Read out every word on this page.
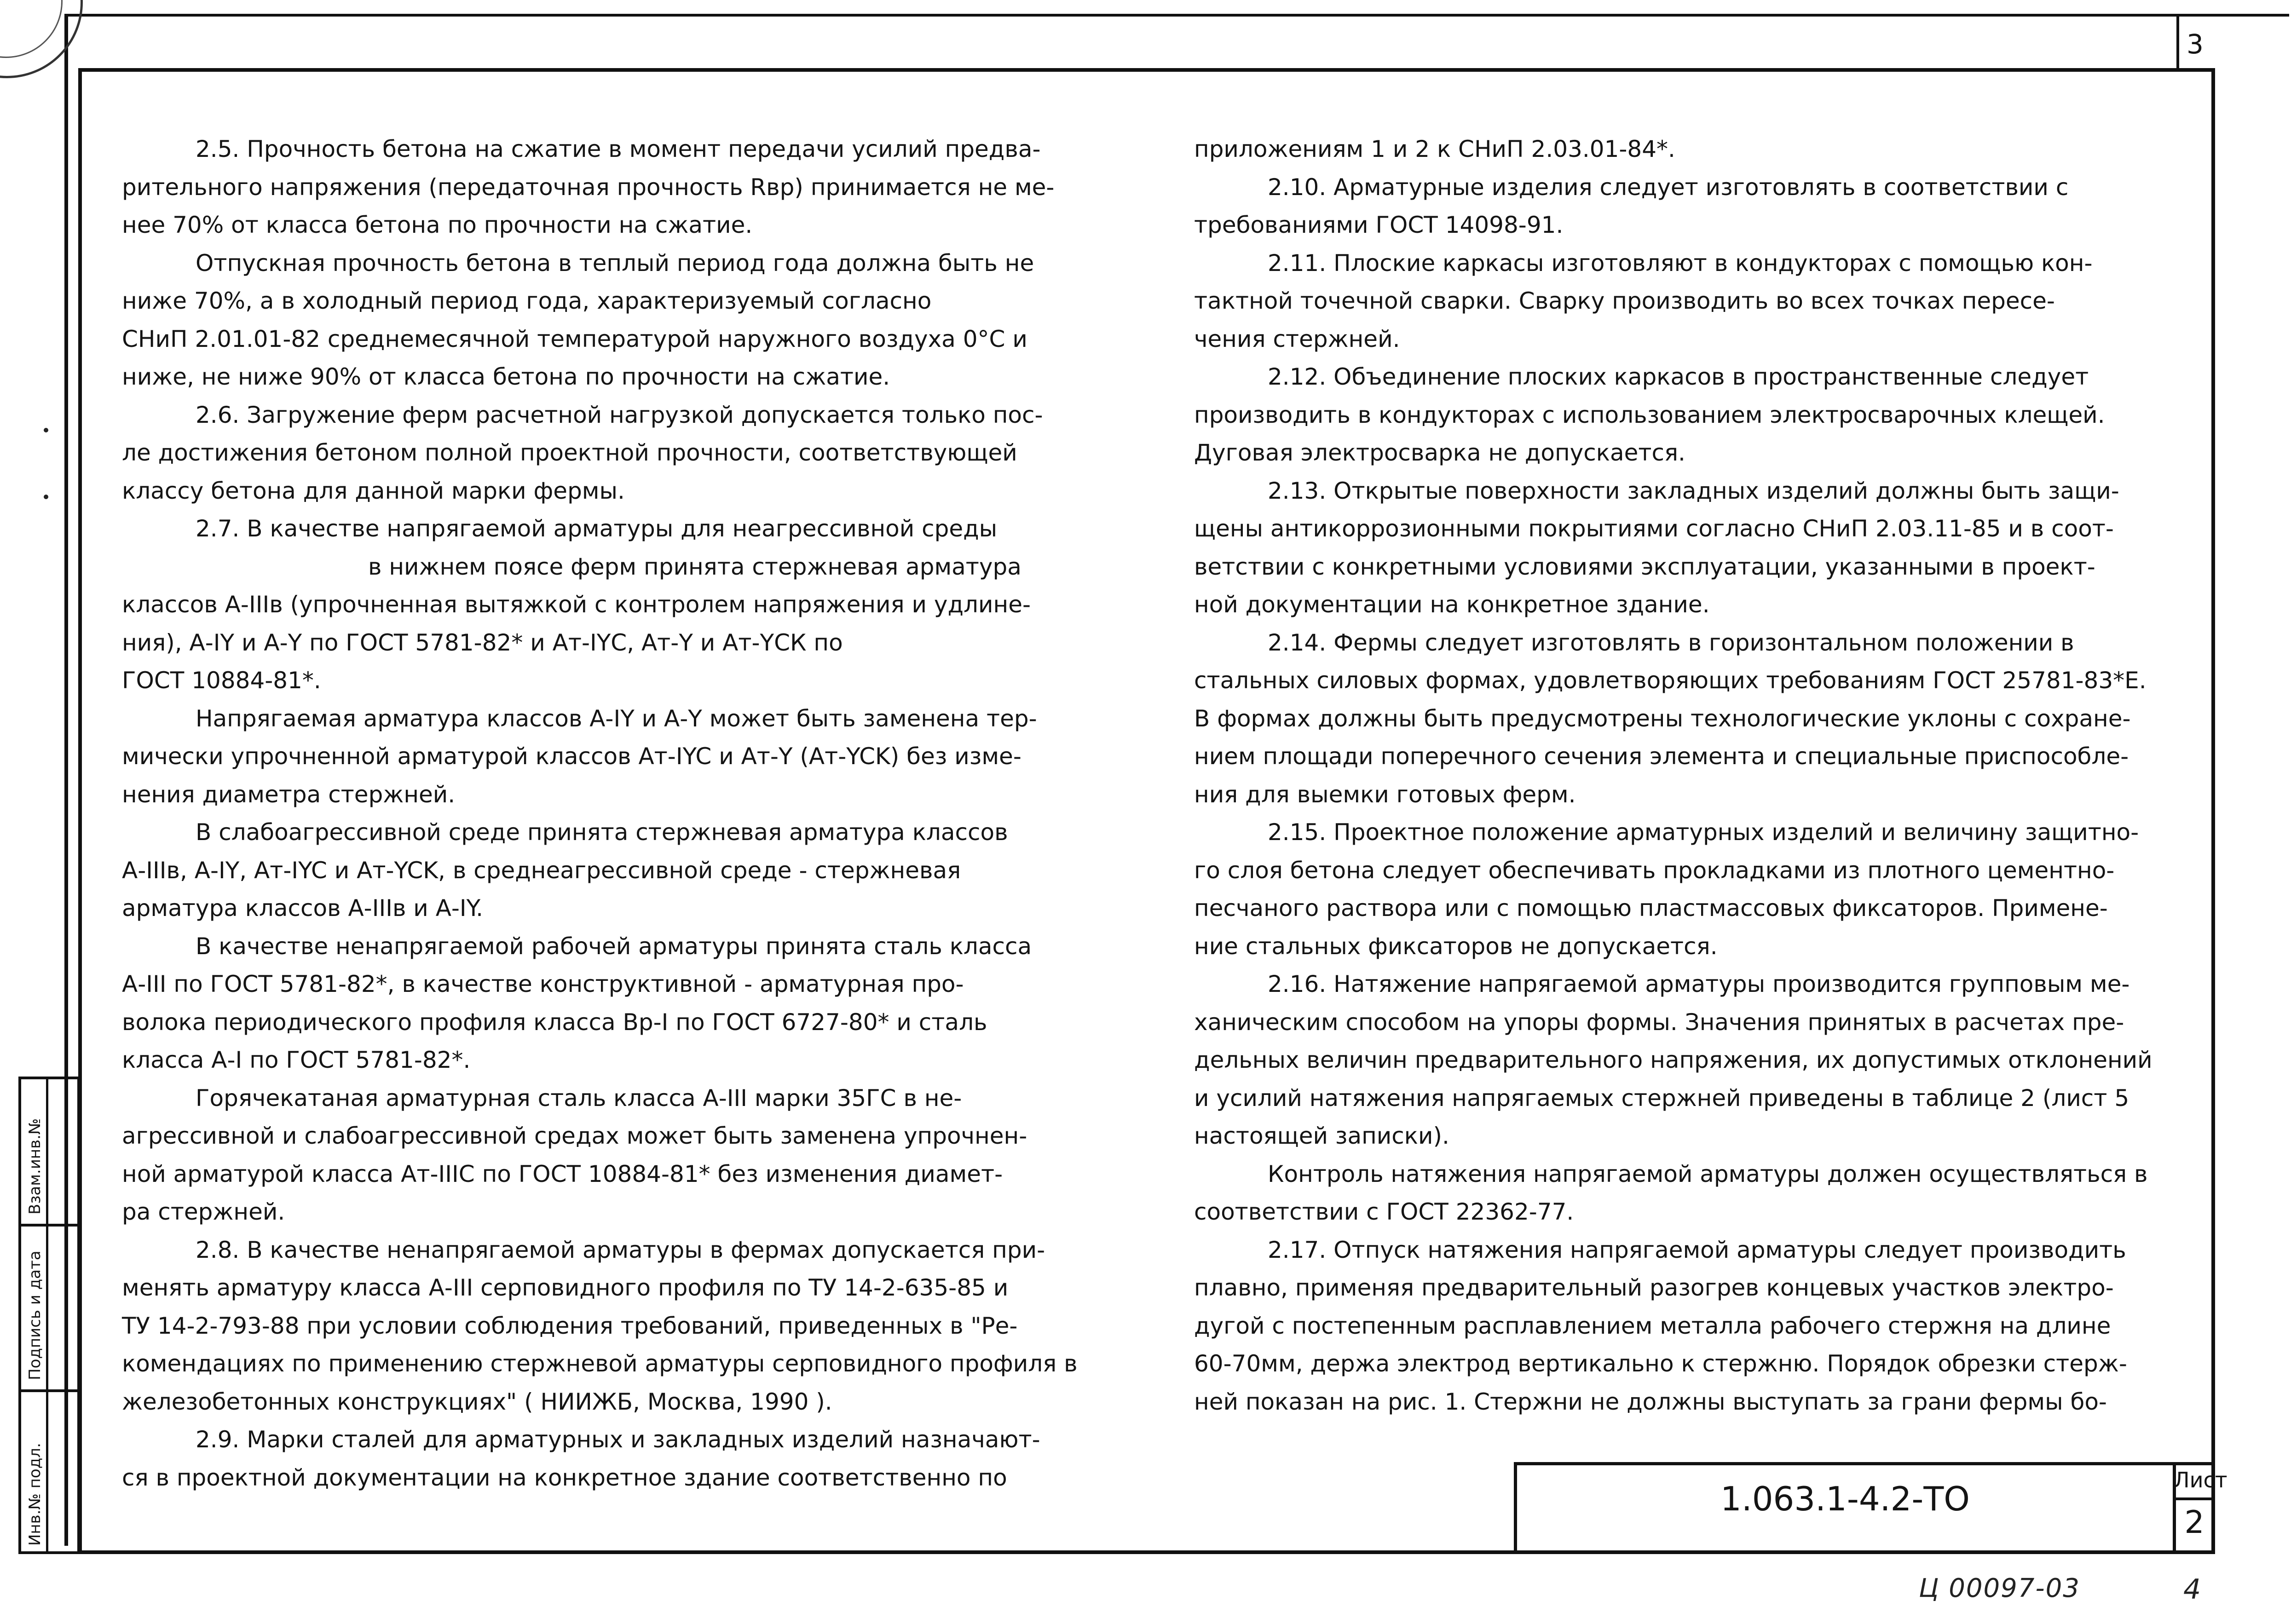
3
Взам.инв.№
Подпись и дата
Инв.№ подл.
2.5. Прочность бетона на сжатие в момент передачи усилий предва-
рительного напряжения (передаточная прочность Rвр) принимается не ме-
нее 70% от класса бетона по прочности на сжатие.
Отпускная прочность бетона в теплый период года должна быть не
ниже 70%, а в холодный период года, характеризуемый согласно
СНиП 2.01.01-82 среднемесячной температурой наружного воздуха 0°С и
ниже, не ниже 90% от класса бетона по прочности на сжатие.
2.6. Загружение ферм расчетной нагрузкой допускается только пос-
ле достижения бетоном полной проектной прочности, соответствующей
классу бетона для данной марки фермы.
2.7. В качестве напрягаемой арматуры для неагрессивной среды
в нижнем поясе ферм принята стержневая арматура
классов А-IIIв (упрочненная вытяжкой с контролем напряжения и удлине-
ния), А-IY и А-Y по ГОСТ 5781-82* и Ат-IYС, Ат-Y и Ат-YСК по
ГОСТ 10884-81*.
Напрягаемая арматура классов А-IY и А-Y может быть заменена тер-
мически упрочненной арматурой классов Ат-IYC и Ат-Y (Ат-YCK) без изме-
нения диаметра стержней.
В слабоагрессивной среде принята стержневая арматура классов
А-IIIв, А-IY, Ат-IYC и Ат-YCK, в среднеагрессивной среде - стержневая
арматура классов А-IIIв и А-IY.
В качестве ненапрягаемой рабочей арматуры принята сталь класса
А-III по ГОСТ 5781-82*, в качестве конструктивной - арматурная про-
волока периодического профиля класса Вр-I по ГОСТ 6727-80* и сталь
класса А-I по ГОСТ 5781-82*.
Горячекатаная арматурная сталь класса А-III марки 35ГС в не-
агрессивной и слабоагрессивной средах может быть заменена упрочнен-
ной арматурой класса Ат-IIIС по ГОСТ 10884-81* без изменения диамет-
ра стержней.
2.8. В качестве ненапрягаемой арматуры в фермах допускается при-
менять арматуру класса А-III серповидного профиля по ТУ 14-2-635-85 и
ТУ 14-2-793-88 при условии соблюдения требований, приведенных в "Ре-
комендациях по применению стержневой арматуры серповидного профиля в
железобетонных конструкциях" ( НИИЖБ, Москва, 1990 ).
2.9. Марки сталей для арматурных и закладных изделий назначают-
ся в проектной документации на конкретное здание соответственно по
приложениям 1 и 2 к СНиП 2.03.01-84*.
2.10. Арматурные изделия следует изготовлять в соответствии с
требованиями ГОСТ 14098-91.
2.11. Плоские каркасы изготовляют в кондукторах с помощью кон-
тактной точечной сварки. Сварку производить во всех точках пересе-
чения стержней.
2.12. Объединение плоских каркасов в пространственные следует
производить в кондукторах с использованием электросварочных клещей.
Дуговая электросварка не допускается.
2.13. Открытые поверхности закладных изделий должны быть защи-
щены антикоррозионными покрытиями согласно СНиП 2.03.11-85 и в соот-
ветствии с конкретными условиями эксплуатации, указанными в проект-
ной документации на конкретное здание.
2.14. Фермы следует изготовлять в горизонтальном положении в
стальных силовых формах, удовлетворяющих требованиям ГОСТ 25781-83*Е.
В формах должны быть предусмотрены технологические уклоны с сохране-
нием площади поперечного сечения элемента и специальные приспособле-
ния для выемки готовых ферм.
2.15. Проектное положение арматурных изделий и величину защитно-
го слоя бетона следует обеспечивать прокладками из плотного цементно-
песчаного раствора или с помощью пластмассовых фиксаторов. Примене-
ние стальных фиксаторов не допускается.
2.16. Натяжение напрягаемой арматуры производится групповым ме-
ханическим способом на упоры формы. Значения принятых в расчетах пре-
дельных величин предварительного напряжения, их допустимых отклонений
и усилий натяжения напрягаемых стержней приведены в таблице 2 (лист 5
настоящей записки).
Контроль натяжения напрягаемой арматуры должен осуществляться в
соответствии с ГОСТ 22362-77.
2.17. Отпуск натяжения напрягаемой арматуры следует производить
плавно, применяя предварительный разогрев концевых участков электро-
дугой с постепенным расплавлением металла рабочего стержня на длине
60-70мм, держа электрод вертикально к стержню. Порядок обрезки стерж-
ней показан на рис. 1. Стержни не должны выступать за грани фермы бо-
1.063.1-4.2-ТО	Лист
2
Ц 00097-03	4
